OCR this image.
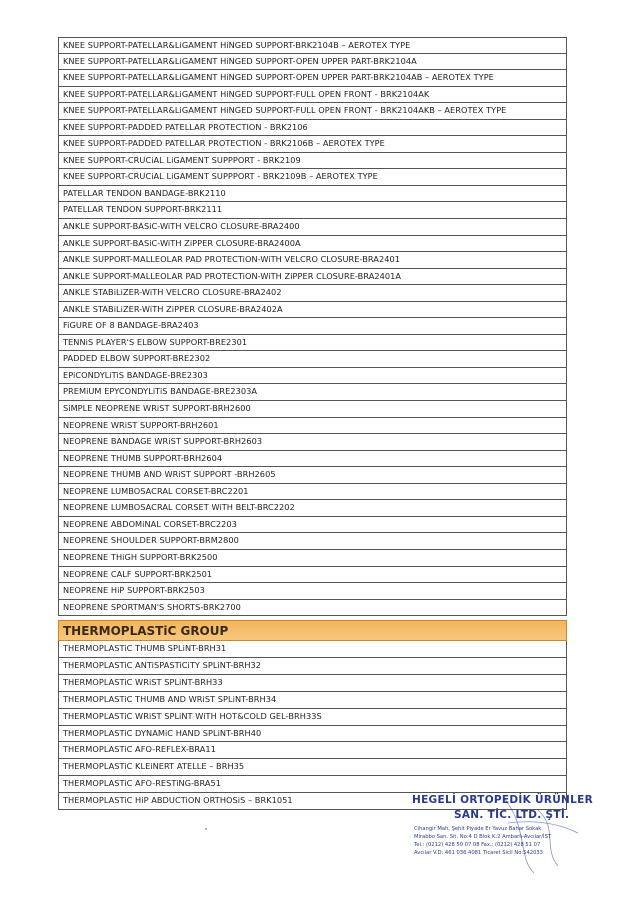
KNEE SUPPORT-PATELLAR&LiGAMENT HiNGED SUPPORT-BRK2104B – AEROTEX TYPE
KNEE SUPPORT-PATELLAR&LiGAMENT HiNGED SUPPORT-OPEN UPPER PART-BRK2104A
KNEE SUPPORT-PATELLAR&LiGAMENT HiNGED SUPPORT-OPEN UPPER PART-BRK2104AB – AEROTEX TYPE
KNEE SUPPORT-PATELLAR&LiGAMENT HiNGED SUPPORT-FULL OPEN FRONT - BRK2104AK
KNEE SUPPORT-PATELLAR&LiGAMENT HiNGED SUPPORT-FULL OPEN FRONT - BRK2104AKB – AEROTEX TYPE
KNEE SUPPORT-PADDED PATELLAR PROTECTION - BRK2106
KNEE SUPPORT-PADDED PATELLAR PROTECTION - BRK2106B – AEROTEX TYPE
KNEE SUPPORT-CRUCiAL LiGAMENT SUPPPORT - BRK2109
KNEE SUPPORT-CRUCiAL LiGAMENT SUPPPORT - BRK2109B – AEROTEX TYPE
PATELLAR TENDON BANDAGE-BRK2110
PATELLAR TENDON SUPPORT-BRK2111
ANKLE SUPPORT-BASiC-WiTH VELCRO CLOSURE-BRA2400
ANKLE SUPPORT-BASiC-WiTH ZiPPER CLOSURE-BRA2400A
ANKLE SUPPORT-MALLEOLAR PAD PROTECTiON-WiTH VELCRO CLOSURE-BRA2401
ANKLE SUPPORT-MALLEOLAR PAD PROTECTiON-WiTH ZiPPER CLOSURE-BRA2401A
ANKLE STABiLiZER-WiTH VELCRO CLOSURE-BRA2402
ANKLE STABiLiZER-WiTH ZiPPER CLOSURE-BRA2402A
FiGURE OF 8 BANDAGE-BRA2403
TENNiS PLAYER'S ELBOW SUPPORT-BRE2301
PADDED ELBOW SUPPORT-BRE2302
EPiCONDYLiTiS BANDAGE-BRE2303
PREMiUM EPYCONDYLiTiS BANDAGE-BRE2303A
SiMPLE NEOPRENE WRiST SUPPORT-BRH2600
NEOPRENE WRiST SUPPORT-BRH2601
NEOPRENE BANDAGE WRiST SUPPORT-BRH2603
NEOPRENE THUMB SUPPORT-BRH2604
NEOPRENE THUMB AND WRiST SUPPORT -BRH2605
NEOPRENE LUMBOSACRAL CORSET-BRC2201
NEOPRENE LUMBOSACRAL CORSET WiTH BELT-BRC2202
NEOPRENE ABDOMiNAL CORSET-BRC2203
NEOPRENE SHOULDER SUPPORT-BRM2800
NEOPRENE THiGH SUPPORT-BRK2500
NEOPRENE CALF SUPPORT-BRK2501
NEOPRENE HiP SUPPORT-BRK2503
NEOPRENE SPORTMAN'S SHORTS-BRK2700
THERMOPLASTiC GROUP
THERMOPLASTiC THUMB SPLiNT-BRH31
THERMOPLASTiC ANTiSPASTiCiTY SPLiNT-BRH32
THERMOPLASTiC WRiST SPLiNT-BRH33
THERMOPLASTiC THUMB AND WRiST SPLiNT-BRH34
THERMOPLASTiC WRiST SPLiNT WiTH HOT&COLD GEL-BRH33S
THERMOPLASTiC DYNAMiC HAND SPLiNT-BRH40
THERMOPLASTiC AFO-REFLEX-BRA11
THERMOPLASTiC KLEiNERT ATELLE – BRH35
THERMOPLASTiC AFO-RESTiNG-BRA51
THERMOPLASTiC HiP ABDUCTiON ORTHOSiS – BRK1051	HEGELİ ORTOPEDİK ÜRÜNLER
SAN. TİC. LTD. ŞTİ.
Cihangir Mah. Şehit Piyade Er Yavuz Bahar Sokak
Mirabbo San. Sit. No:4 D Blok K:2 Ambarlı-Avcılar/İST
Tel.: (0212) 428 50 07 08 Fax.: (0212) 428 51 07
Avcılar V.D: 461 036 4081 Ticaret Sicil No:542033
